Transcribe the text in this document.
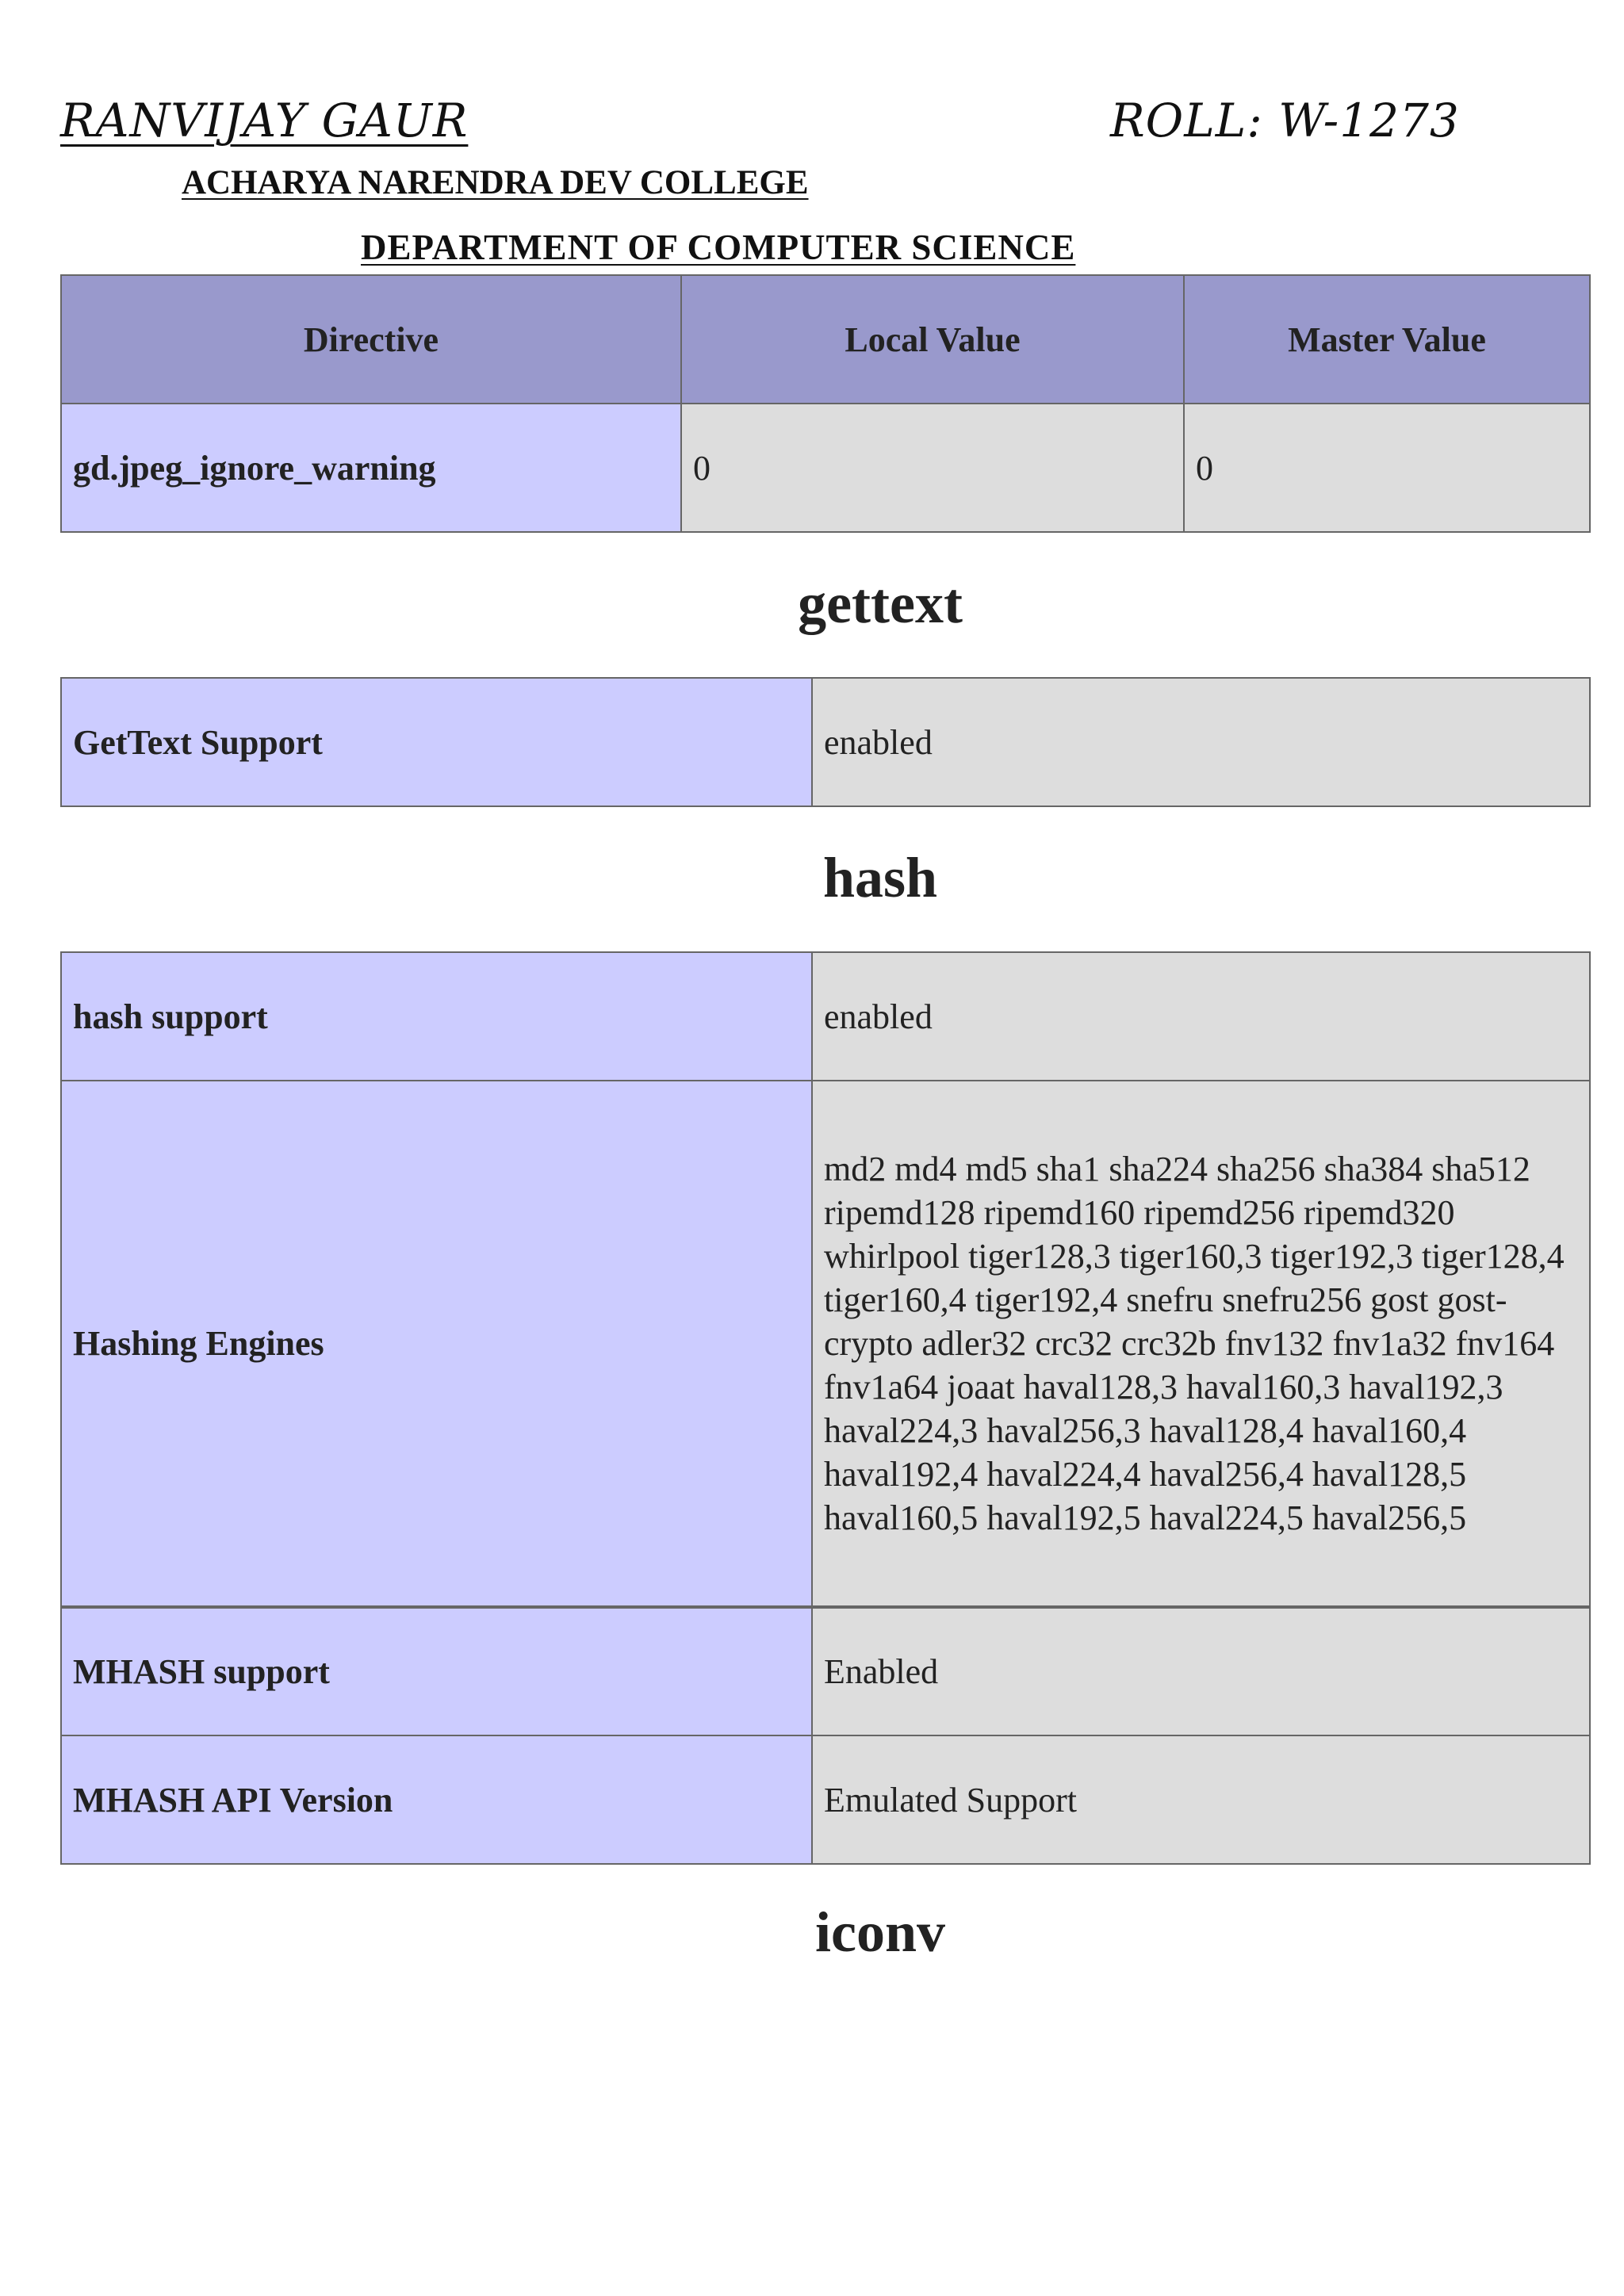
RANVIJAY GAUR	ROLL: W-1273
ACHARYA NARENDRA DEV COLLEGE
DEPARTMENT OF COMPUTER SCIENCE
Directive	Local Value	Master Value
gd.jpeg_ignore_warning	0	0
gettext
GetText Support	enabled
hash
hash support	enabled
Hashing Engines	md2 md4 md5 sha1 sha224 sha256 sha384 sha512 ripemd128 ripemd160 ripemd256 ripemd320 whirlpool tiger128,3 tiger160,3 tiger192,3 tiger128,4 tiger160,4 tiger192,4 snefru snefru256 gost gost-crypto adler32 crc32 crc32b fnv132 fnv1a32 fnv164 fnv1a64 joaat haval128,3 haval160,3 haval192,3 haval224,3 haval256,3 haval128,4 haval160,4 haval192,4 haval224,4 haval256,4 haval128,5 haval160,5 haval192,5 haval224,5 haval256,5
MHASH support	Enabled
MHASH API Version	Emulated Support
iconv
